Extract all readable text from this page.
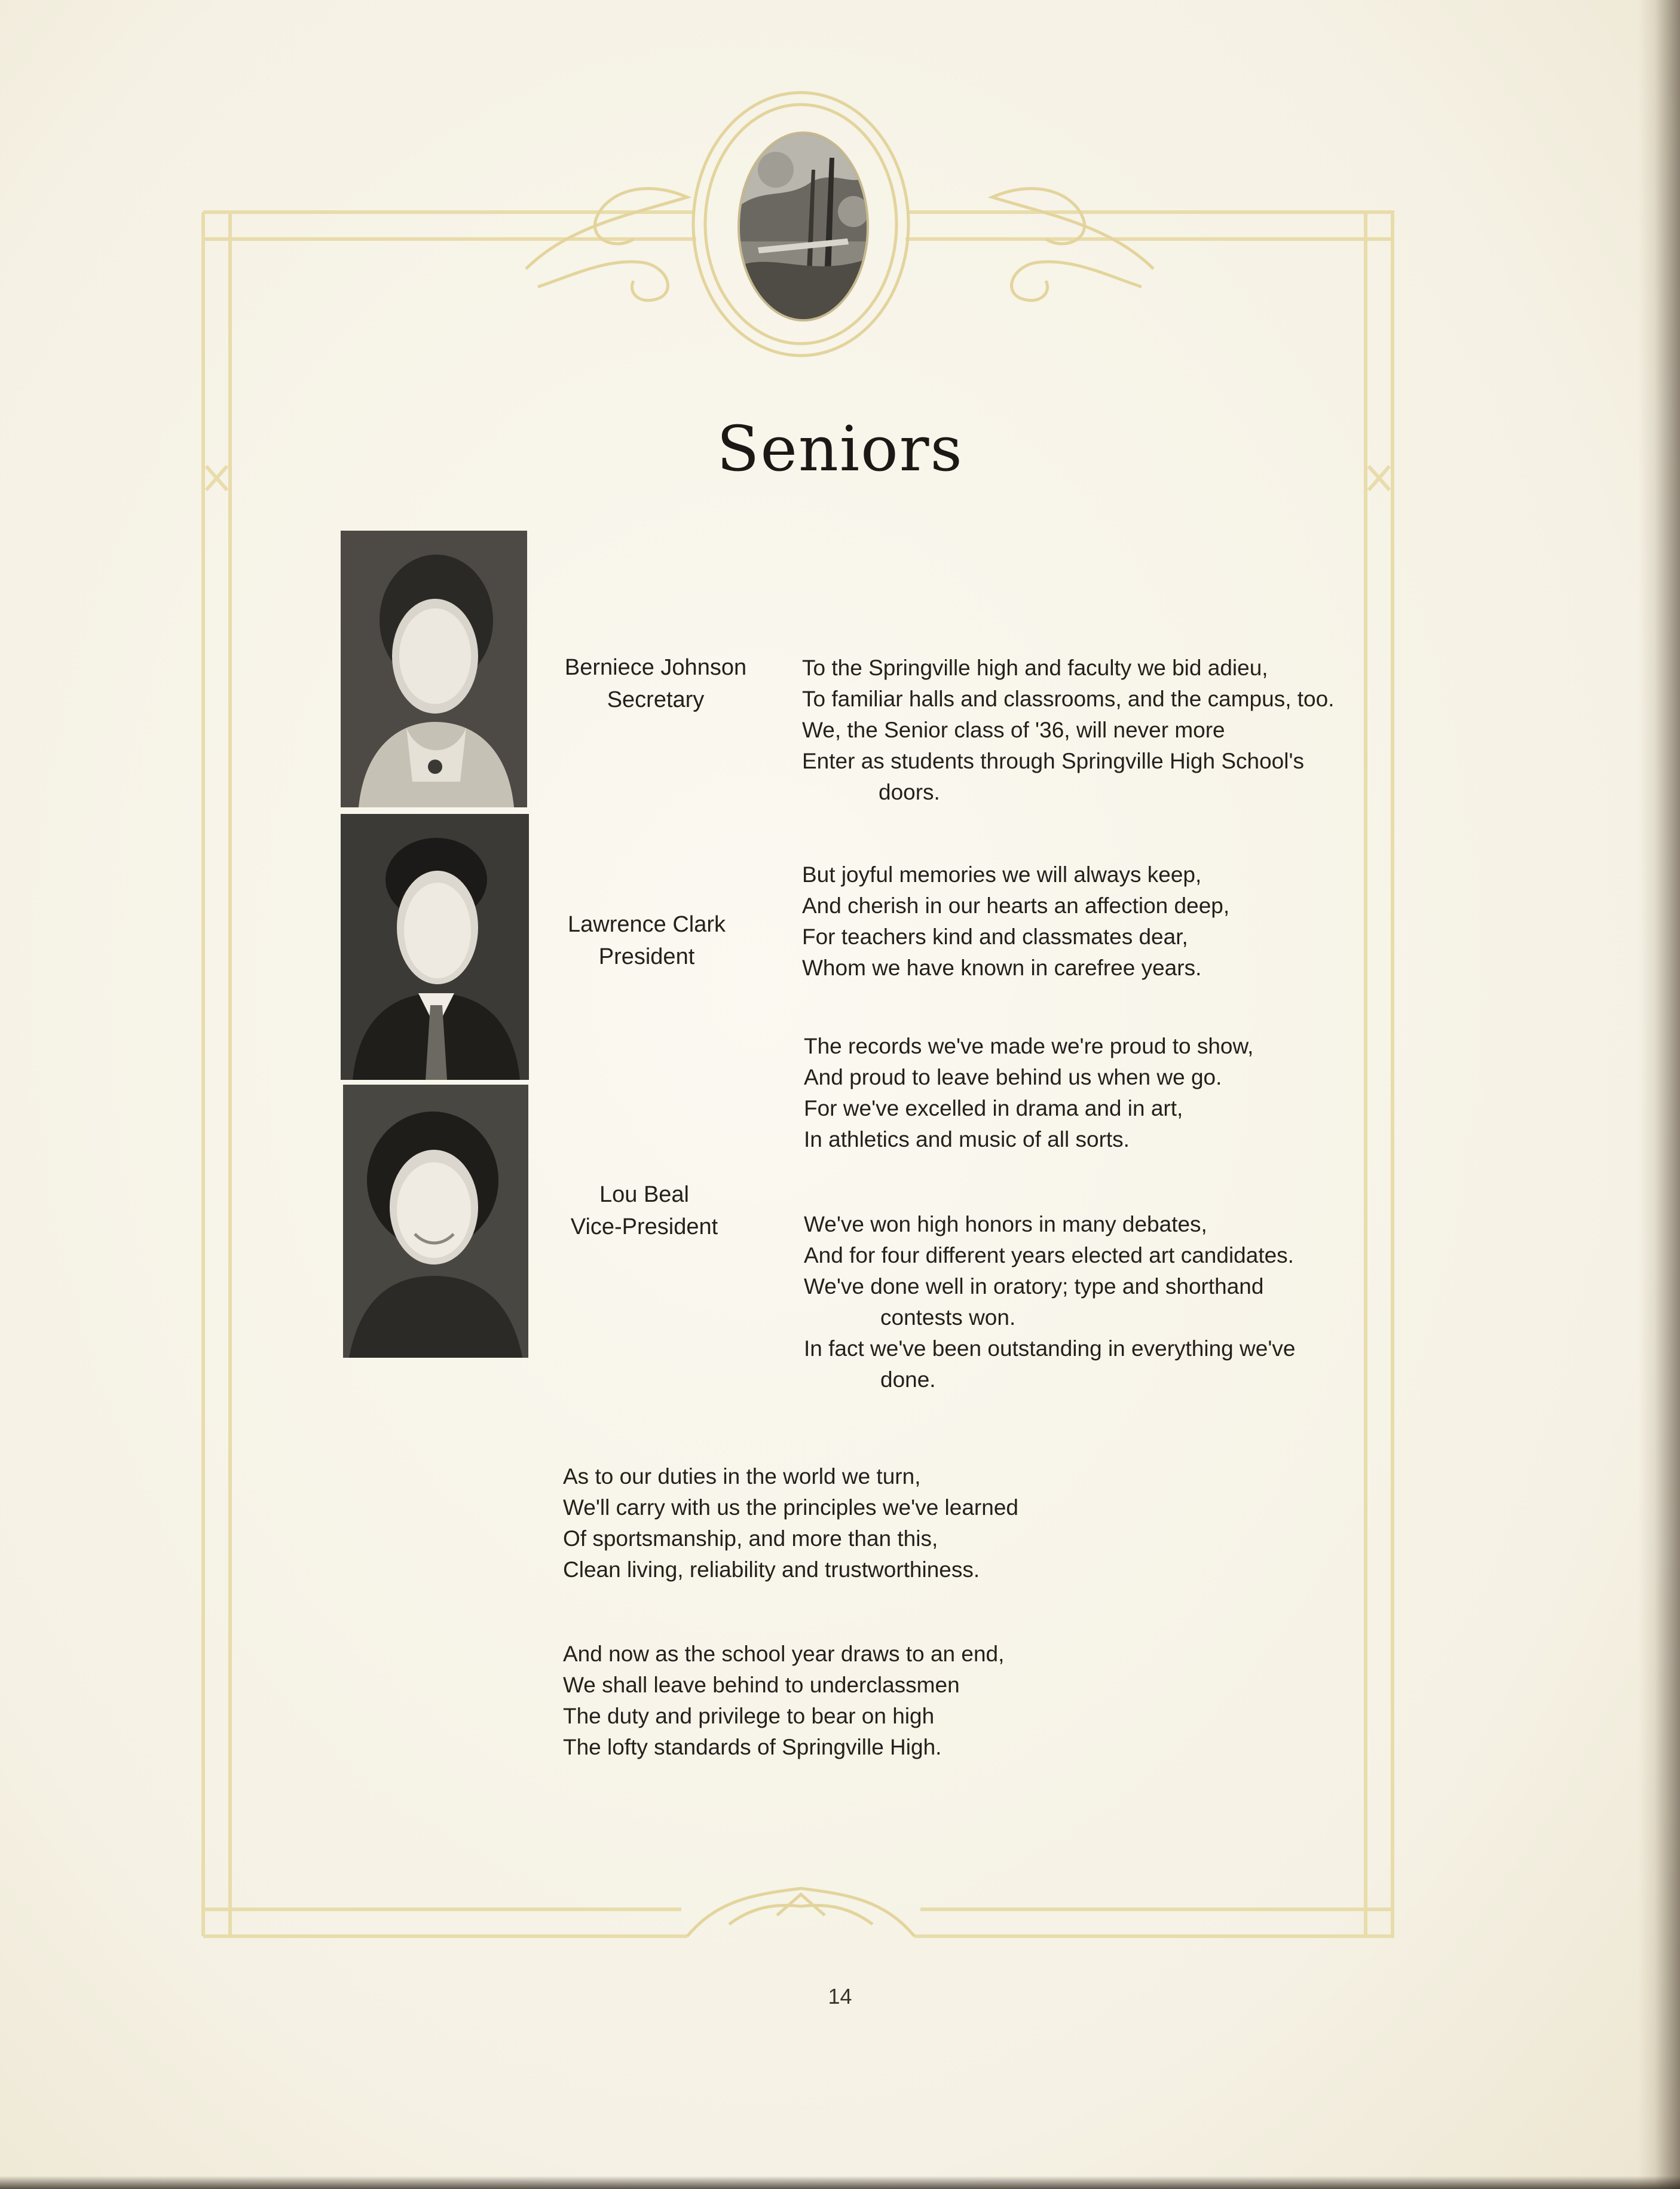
Seniors
Berniece Johnson
Secretary
Lawrence Clark
President
Lou Beal
Vice-President
To the Springville high and faculty we bid adieu,
To familiar halls and classrooms, and the campus, too.
We, the Senior class of '36, will never more
Enter as students through Springville High School's
doors.
But joyful memories we will always keep,
And cherish in our hearts an affection deep,
For teachers kind and classmates dear,
Whom we have known in carefree years.
The records we've made we're proud to show,
And proud to leave behind us when we go.
For we've excelled in drama and in art,
In athletics and music of all sorts.
We've won high honors in many debates,
And for four different years elected art candidates.
We've done well in oratory; type and shorthand
contests won.
In fact we've been outstanding in everything we've
done.
As to our duties in the world we turn,
We'll carry with us the principles we've learned
Of sportsmanship, and more than this,
Clean living, reliability and trustworthiness.
And now as the school year draws to an end,
We shall leave behind to underclassmen
The duty and privilege to bear on high
The lofty standards of Springville High.
14
